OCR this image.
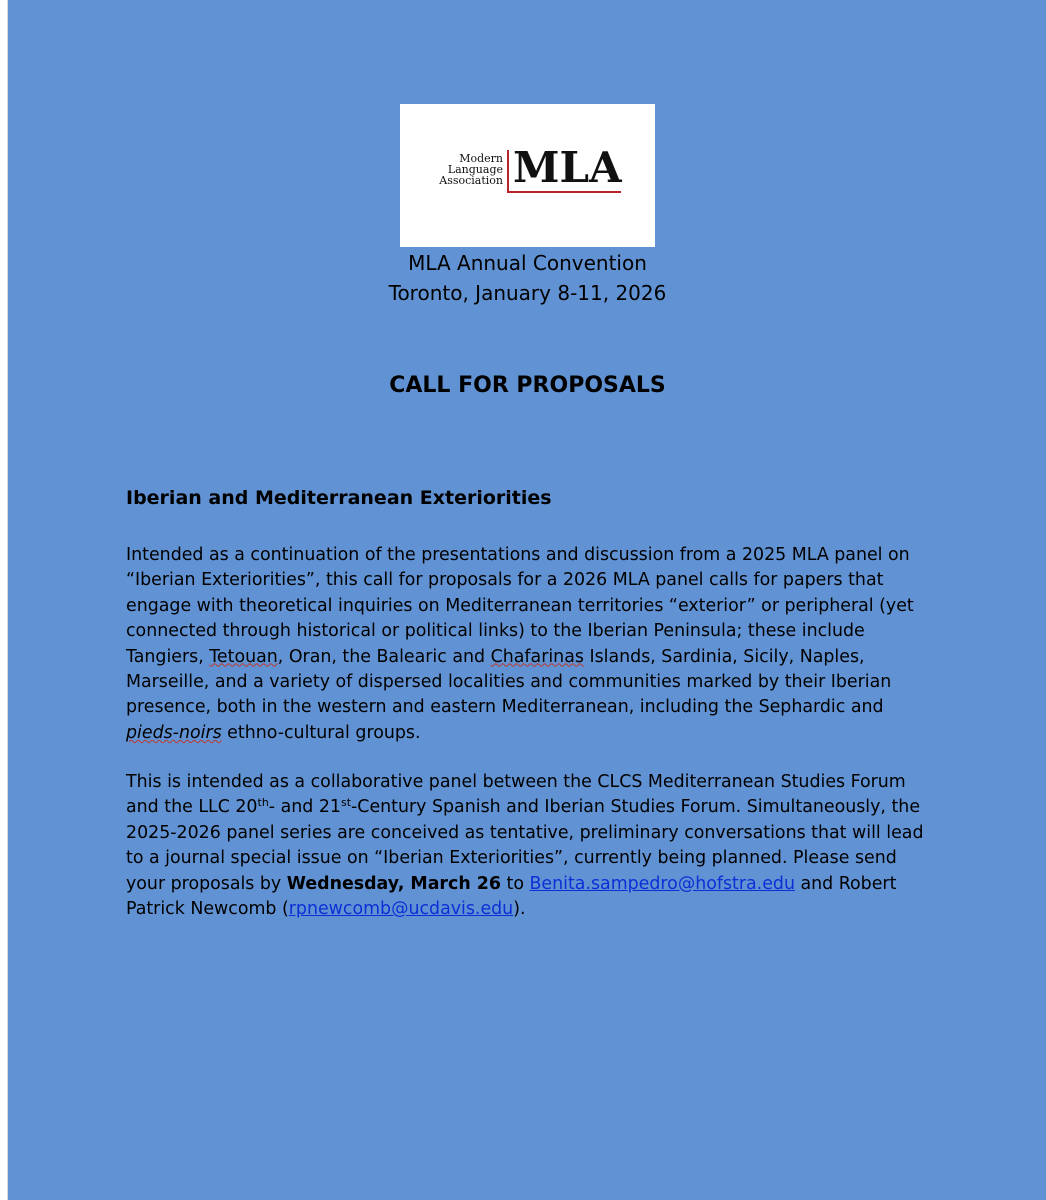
Modern
Language
Association MLA
MLA Annual Convention
Toronto, January 8-11, 2026
CALL FOR PROPOSALS
Iberian and Mediterranean Exteriorities
Intended as a continuation of the presentations and discussion from a 2025 MLA panel on
“Iberian Exteriorities”, this call for proposals for a 2026 MLA panel calls for papers that
engage with theoretical inquiries on Mediterranean territories “exterior” or peripheral (yet
connected through historical or political links) to the Iberian Peninsula; these include
Tangiers, Tetouan, Oran, the Balearic and Chafarinas Islands, Sardinia, Sicily, Naples,
Marseille, and a variety of dispersed localities and communities marked by their Iberian
presence, both in the western and eastern Mediterranean, including the Sephardic and
pieds-noirs ethno-cultural groups.
This is intended as a collaborative panel between the CLCS Mediterranean Studies Forum
and the LLC 20th- and 21st-Century Spanish and Iberian Studies Forum. Simultaneously, the
2025-2026 panel series are conceived as tentative, preliminary conversations that will lead
to a journal special issue on “Iberian Exteriorities”, currently being planned. Please send
your proposals by Wednesday, March 26 to Benita.sampedro@hofstra.edu and Robert
Patrick Newcomb (rpnewcomb@ucdavis.edu).
